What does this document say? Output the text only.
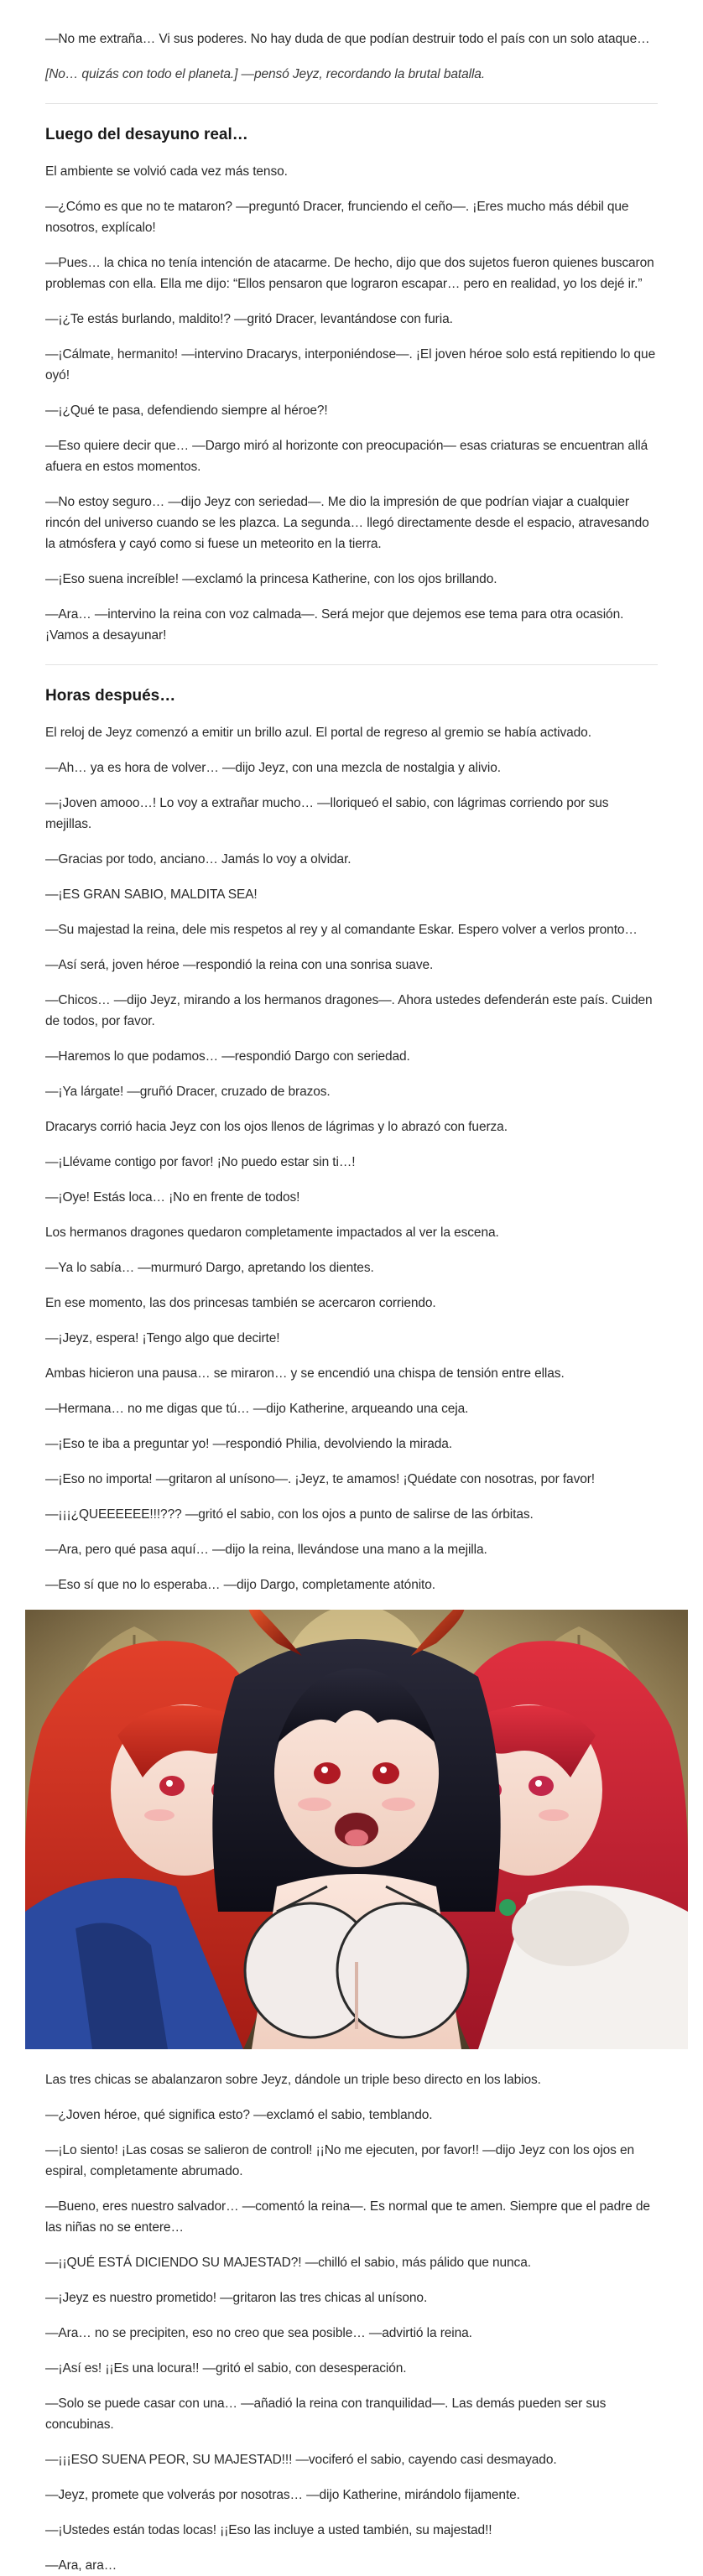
—No me extraña… Vi sus poderes. No hay duda de que podían destruir todo el país con un solo ataque…

[No… quizás con todo el planeta.] —pensó Jeyz, recordando la brutal batalla.

Luego del desayuno real…

El ambiente se volvió cada vez más tenso.

—¿Cómo es que no te mataron? —preguntó Dracer, frunciendo el ceño—. ¡Eres mucho más débil que nosotros, explícalo!

—Pues… la chica no tenía intención de atacarme. De hecho, dijo que dos sujetos fueron quienes buscaron problemas con ella. Ella me dijo: “Ellos pensaron que lograron escapar… pero en realidad, yo los dejé ir.”

—¡¿Te estás burlando, maldito!? —gritó Dracer, levantándose con furia.

—¡Cálmate, hermanito! —intervino Dracarys, interponiéndose—. ¡El joven héroe solo está repitiendo lo que oyó!

—¡¿Qué te pasa, defendiendo siempre al héroe?!

—Eso quiere decir que… —Dargo miró al horizonte con preocupación— esas criaturas se encuentran allá afuera en estos momentos.

—No estoy seguro… —dijo Jeyz con seriedad—. Me dio la impresión de que podrían viajar a cualquier rincón del universo cuando se les plazca. La segunda… llegó directamente desde el espacio, atravesando la atmósfera y cayó como si fuese un meteorito en la tierra.

—¡Eso suena increíble! —exclamó la princesa Katherine, con los ojos brillando.

—Ara… —intervino la reina con voz calmada—. Será mejor que dejemos ese tema para otra ocasión. ¡Vamos a desayunar!

Horas después…

El reloj de Jeyz comenzó a emitir un brillo azul. El portal de regreso al gremio se había activado.

—Ah… ya es hora de volver… —dijo Jeyz, con una mezcla de nostalgia y alivio.

—¡Joven amooo…! Lo voy a extrañar mucho… —lloriqueó el sabio, con lágrimas corriendo por sus mejillas.

—Gracias por todo, anciano… Jamás lo voy a olvidar.

—¡ES GRAN SABIO, MALDITA SEA!

—Su majestad la reina, dele mis respetos al rey y al comandante Eskar. Espero volver a verlos pronto…

—Así será, joven héroe —respondió la reina con una sonrisa suave.

—Chicos… —dijo Jeyz, mirando a los hermanos dragones—. Ahora ustedes defenderán este país. Cuiden de todos, por favor.

—Haremos lo que podamos… —respondió Dargo con seriedad.

—¡Ya lárgate! —gruñó Dracer, cruzado de brazos.

Dracarys corrió hacia Jeyz con los ojos llenos de lágrimas y lo abrazó con fuerza.

—¡Llévame contigo por favor! ¡No puedo estar sin ti…!

—¡Oye! Estás loca… ¡No en frente de todos!

Los hermanos dragones quedaron completamente impactados al ver la escena.

—Ya lo sabía… —murmuró Dargo, apretando los dientes.

En ese momento, las dos princesas también se acercaron corriendo.

—¡Jeyz, espera! ¡Tengo algo que decirte!

Ambas hicieron una pausa… se miraron… y se encendió una chispa de tensión entre ellas.

—Hermana… no me digas que tú… —dijo Katherine, arqueando una ceja.

—¡Eso te iba a preguntar yo! —respondió Philia, devolviendo la mirada.

—¡Eso no importa! —gritaron al unísono—. ¡Jeyz, te amamos! ¡Quédate con nosotras, por favor!

—¡¡¡¿QUEEEEEE!!!??? —gritó el sabio, con los ojos a punto de salirse de las órbitas.

—Ara, pero qué pasa aquí… —dijo la reina, llevándose una mano a la mejilla.

—Eso sí que no lo esperaba… —dijo Dargo, completamente atónito.

Las tres chicas se abalanzaron sobre Jeyz, dándole un triple beso directo en los labios.

—¿Joven héroe, qué significa esto? —exclamó el sabio, temblando.

—¡Lo siento! ¡Las cosas se salieron de control! ¡¡No me ejecuten, por favor!! —dijo Jeyz con los ojos en espiral, completamente abrumado.

—Bueno, eres nuestro salvador… —comentó la reina—. Es normal que te amen. Siempre que el padre de las niñas no se entere…

—¡¡QUÉ ESTÁ DICIENDO SU MAJESTAD?! —chilló el sabio, más pálido que nunca.

—¡Jeyz es nuestro prometido! —gritaron las tres chicas al unísono.

—Ara… no se precipiten, eso no creo que sea posible… —advirtió la reina.

—¡Así es! ¡¡Es una locura!! —gritó el sabio, con desesperación.

—Solo se puede casar con una… —añadió la reina con tranquilidad—. Las demás pueden ser sus concubinas.

—¡¡¡ESO SUENA PEOR, SU MAJESTAD!!! —vociferó el sabio, cayendo casi desmayado.

—Jeyz, promete que volverás por nosotras… —dijo Katherine, mirándolo fijamente.

—¡Ustedes están todas locas! ¡¡Eso las incluye a usted también, su majestad!!

—Ara, ara…
